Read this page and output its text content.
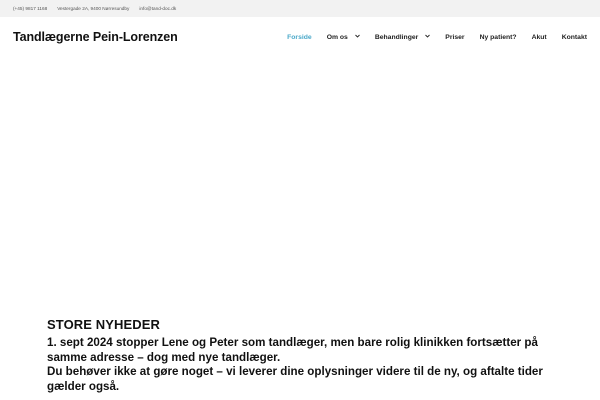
(+45) 9817 1168 Vestergade 2A, 9400 Nørresundby info@tand-doc.dk
Tandlægerne Pein-Lorenzen	Forside Om os	Behandlinger	Priser Ny patient? Akut Kontakt
STORE NYHEDER

1. sept 2024 stopper Lene og Peter som tandlæger, men bare rolig klinikken fortsætter på samme adresse – dog med nye tandlæger.
Du behøver ikke at gøre noget – vi leverer dine oplysninger videre til de ny, og aftalte tider gælder også.
